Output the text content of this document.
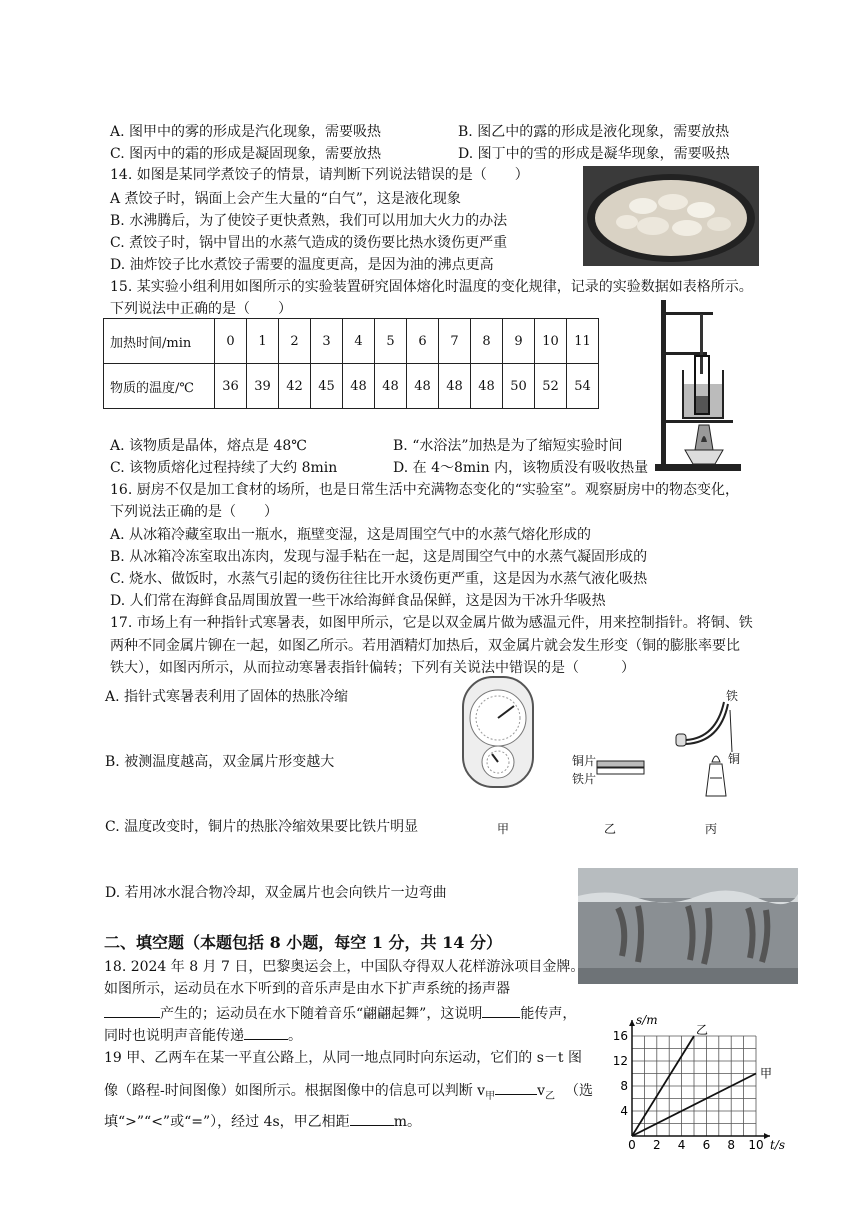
A. 图甲中的雾的形成是汽化现象，需要吸热	B. 图乙中的露的形成是液化现象，需要放热
C. 图丙中的霜的形成是凝固现象，需要放热	D. 图丁中的雪的形成是凝华现象，需要吸热
14. 如图是某同学煮饺子的情景，请判断下列说法错误的是（　　）
A 煮饺子时，锅面上会产生大量的“白气”，这是液化现象
B. 水沸腾后，为了使饺子更快煮熟，我们可以用加大火力的办法
C. 煮饺子时，锅中冒出的水蒸气造成的烫伤要比热水烫伤更严重
D. 油炸饺子比水煮饺子需要的温度更高，是因为油的沸点更高
15. 某实验小组利用如图所示的实验装置研究固体熔化时温度的变化规律，记录的实验数据如表格所示。
下列说法中正确的是（　　）
加热时间/min	0	1	2	3	4	5	6	7	8	9	10	11
物质的温度/℃	36	39	42	45	48	48	48	48	48	50	52	54
A. 该物质是晶体，熔点是 48℃	B. “水浴法”加热是为了缩短实验时间
C. 该物质熔化过程持续了大约 8min	D. 在 4～8min 内，该物质没有吸收热量
16. 厨房不仅是加工食材的场所，也是日常生活中充满物态变化的“实验室”。观察厨房中的物态变化，
下列说法正确的是（　　）
A. 从冰箱冷藏室取出一瓶水，瓶壁变湿，这是周围空气中的水蒸气熔化形成的
B. 从冰箱冷冻室取出冻肉，发现与湿手粘在一起，这是周围空气中的水蒸气凝固形成的
C. 烧水、做饭时，水蒸气引起的烫伤往往比开水烫伤更严重，这是因为水蒸气液化吸热
D. 人们常在海鲜食品周围放置一些干冰给海鲜食品保鲜，这是因为干冰升华吸热
17. 市场上有一种指针式寒暑表，如图甲所示，它是以双金属片做为感温元件，用来控制指针。将铜、铁
两种不同金属片铆在一起，如图乙所示。若用酒精灯加热后，双金属片就会发生形变（铜的膨胀率要比
铁大），如图丙所示，从而拉动寒暑表指针偏转；下列有关说法中错误的是（　　　）
A. 指针式寒暑表利用了固体的热胀冷缩
B. 被测温度越高，双金属片形变越大
C. 温度改变时，铜片的热胀冷缩效果要比铁片明显
D. 若用冰水混合物冷却，双金属片也会向铁片一边弯曲
铜片
铁片
铁
铜
甲	乙	丙
二、填空题（本题包括 8 小题，每空 1 分，共 14 分）
18. 2024 年 8 月 7 日，巴黎奥运会上，中国队夺得双人花样游泳项目金牌。
如图所示，运动员在水下听到的音乐声是由水下扩声系统的扬声器
产生的；运动员在水下随着音乐“翩翩起舞”，这说明	能传声，
同时也说明声音能传递	。
19 甲、乙两车在某一平直公路上，从同一地点同时向东运动，它们的 s－t 图
像（路程-时间图像）如图所示。根据图像中的信息可以判断 $v_甲$	$v_乙$ （选
填“>”“<”或“=”），经过 4s，甲乙相距	m。
0 2 4 6 8 10
4
8
12
16
t/s
s/m
乙
甲
